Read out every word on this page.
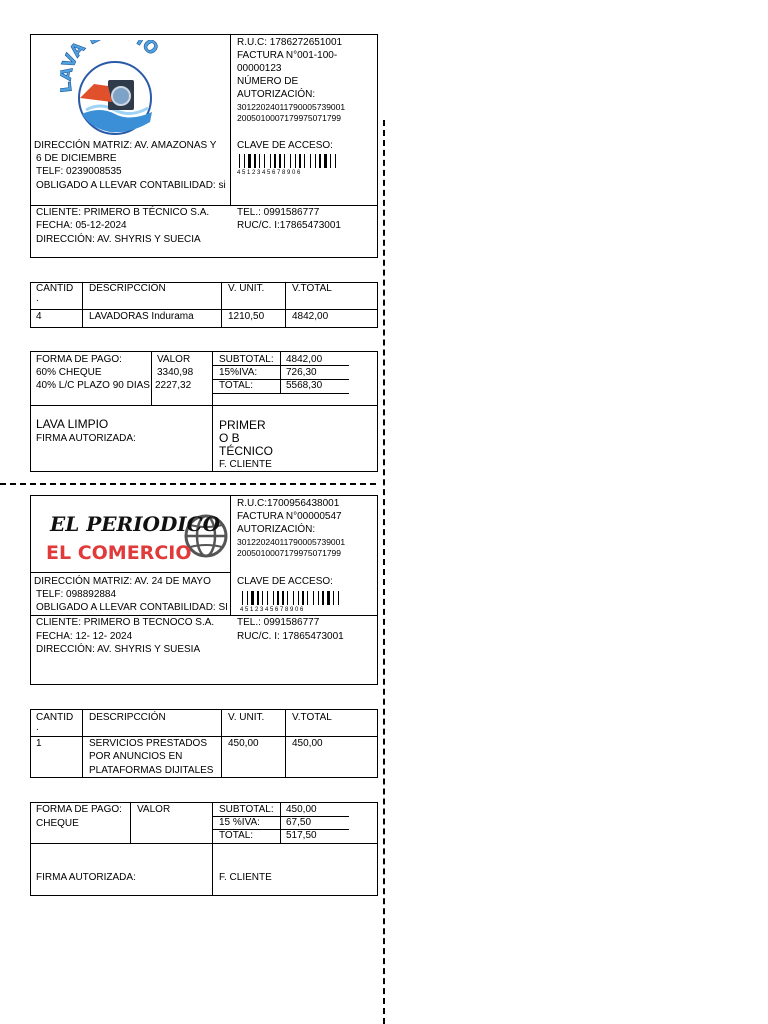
VA IO	R.U.C: 1786272651001
FACTURA N°001-100-
00000123
NÚMERO DE
AUTORIZACIÓN:
3012202401179000573900​1
2005010007179975071799
DIRECCIÓN MATRIZ: AV. AMAZONAS Y
6 DE DICIEMBRE
TELF: 0239008535
OBLIGADO A LLEVAR CONTABILIDAD: si
CLAVE DE ACCESO:
4 5 1 2 3 4 5 6 7 8 9 0 6
CLIENTE: PRIMERO B TÉCNICO S.A.
FECHA: 05-12-2024
DIRECCIÓN: AV. SHYRIS Y SUECIA
TEL.: 0991586777
RUC/C. I:17865473001
CANTID
.
DESCRIPCCIÓN	V. UNIT.	V.TOTAL
4	LAVADORAS Indurama	1210,50	4842,00
FORMA DE PAGO:	VALOR
60% CHEQUE	3340,98
40% L/C PLAZO 90 DIAS 2227,32
SUBTOTAL: 4842,00
15%IVA:	726,30
TOTAL:	5568,30
LAVA LIMPIO
FIRMA AUTORIZADA:
PRIMER
O B
TÉCNICO
F. CLIENTE
EL PERIODICO
EL COMERCIO
R.U.C:1700956438001
FACTURA N°00000547
AUTORIZACIÓN:
3012202401179000573900​1
2005010007179975071799
DIRECCIÓN MATRIZ: AV. 24 DE MAYO
TELF: 098892884
OBLIGADO A LLEVAR CONTABILIDAD: SI
CLAVE DE ACCESO:
4 5 1 2 3 4 5 6 7 8 9 0 6
CLIENTE: PRIMERO B TECNOCO S.A.
FECHA: 12- 12- 2024
DIRECCIÓN: AV. SHYRIS Y SUESIA
TEL.: 0991586777
RUC/C. I: 17865473001
CANTID
.
DESCRIPCCIÓN	V. UNIT.	V.TOTAL
1	SERVICIOS PRESTADOS
POR ANUNCIOS EN
PLATAFORMAS DIJITALES
450,00	450,00
FORMA DE PAGO: VALOR
CHEQUE
SUBTOTAL: 450,00
15 %IVA:	67,50
TOTAL:	517,50
FIRMA AUTORIZADA:	F. CLIENTE
